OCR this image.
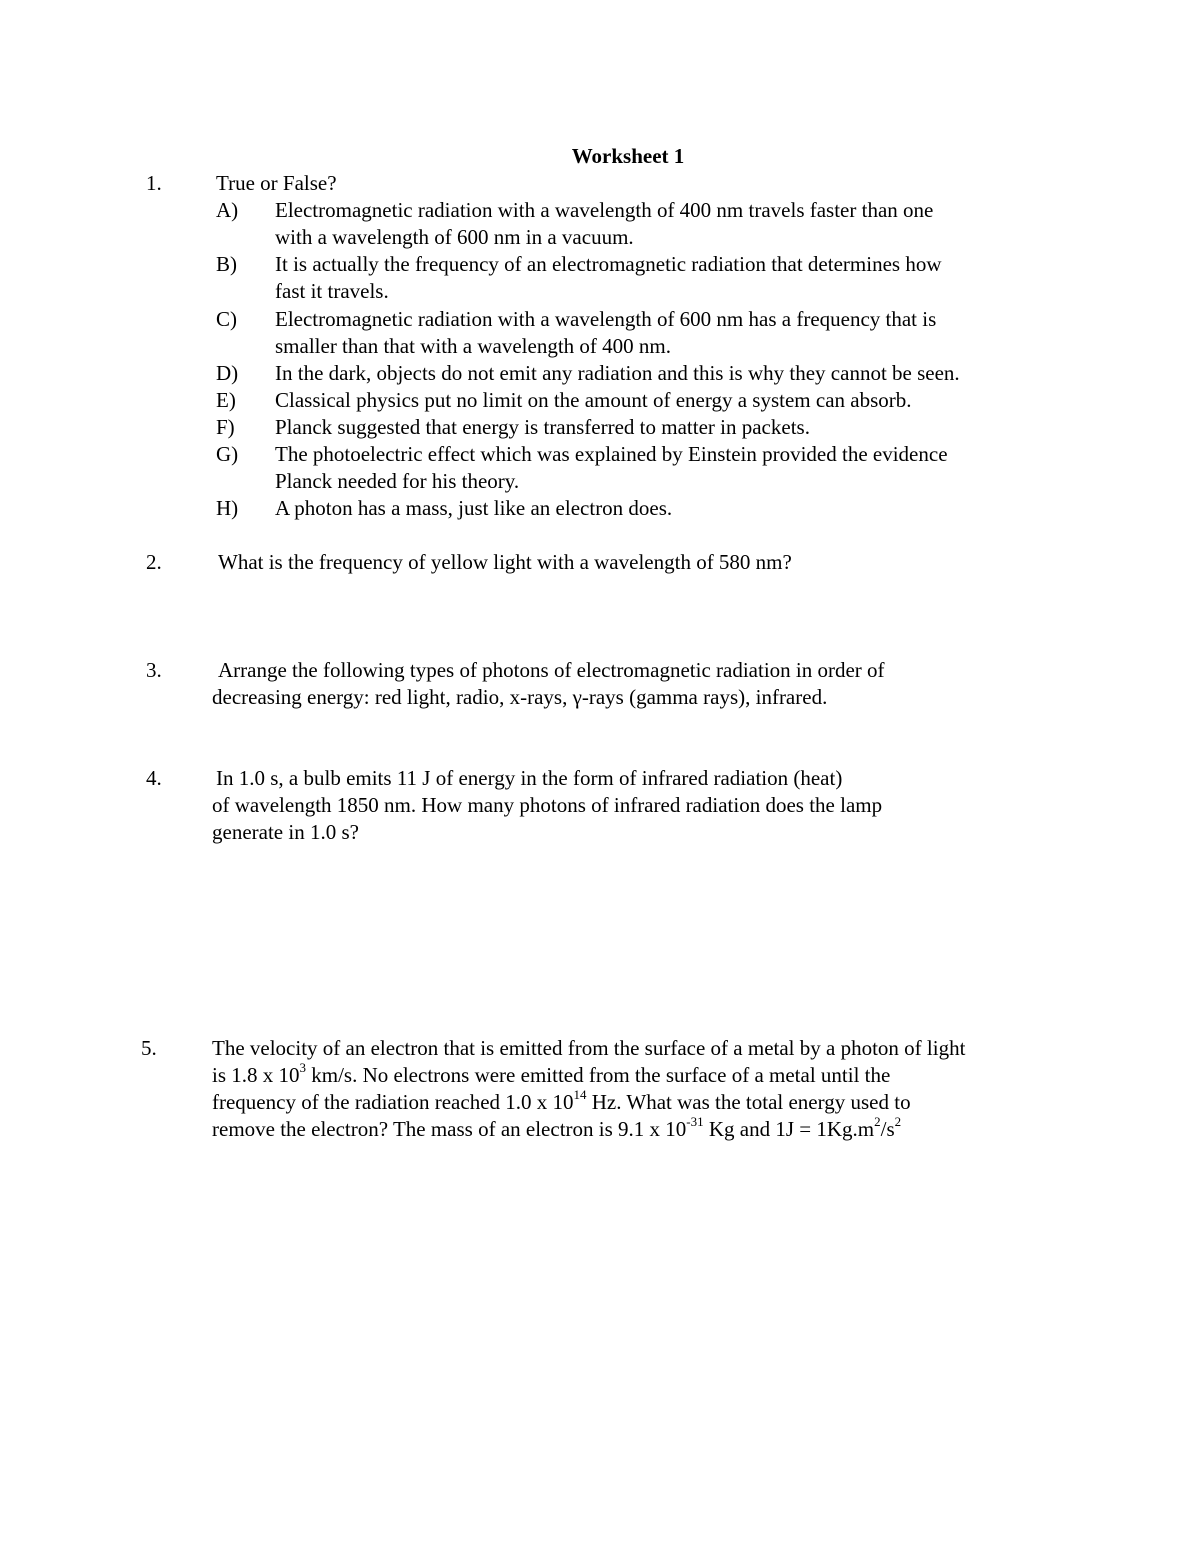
Worksheet 1
1.	True or False?
A)	Electromagnetic radiation with a wavelength of 400 nm travels faster than one
with a wavelength of 600 nm in a vacuum.
B)	It is actually the frequency of an electromagnetic radiation that determines how
fast it travels.
C)	Electromagnetic radiation with a wavelength of 600 nm has a frequency that is
smaller than that with a wavelength of 400 nm.
D)	In the dark, objects do not emit any radiation and this is why they cannot be seen.
E)	Classical physics put no limit on the amount of energy a system can absorb.
F)	Planck suggested that energy is transferred to matter in packets.
G)	The photoelectric effect which was explained by Einstein provided the evidence
Planck needed for his theory.
H)	A photon has a mass, just like an electron does.
2.	What is the frequency of yellow light with a wavelength of 580 nm?
3.	Arrange the following types of photons of electromagnetic radiation in order of
decreasing energy: red light, radio, x-rays, γ-rays (gamma rays), infrared.
4.	In 1.0 s, a bulb emits 11 J of energy in the form of infrared radiation (heat)
of wavelength 1850 nm. How many photons of infrared radiation does the lamp
generate in 1.0 s?
5.	The velocity of an electron that is emitted from the surface of a metal by a photon of light
is 1.8 x $10^3$ km/s. No electrons were emitted from the surface of a metal until the
frequency of the radiation reached 1.0 x $10^{14}$ Hz. What was the total energy used to
remove the electron? The mass of an electron is 9.1 x $10^{-31}$ Kg and $1J = 1Kg.m^2/s^2$
